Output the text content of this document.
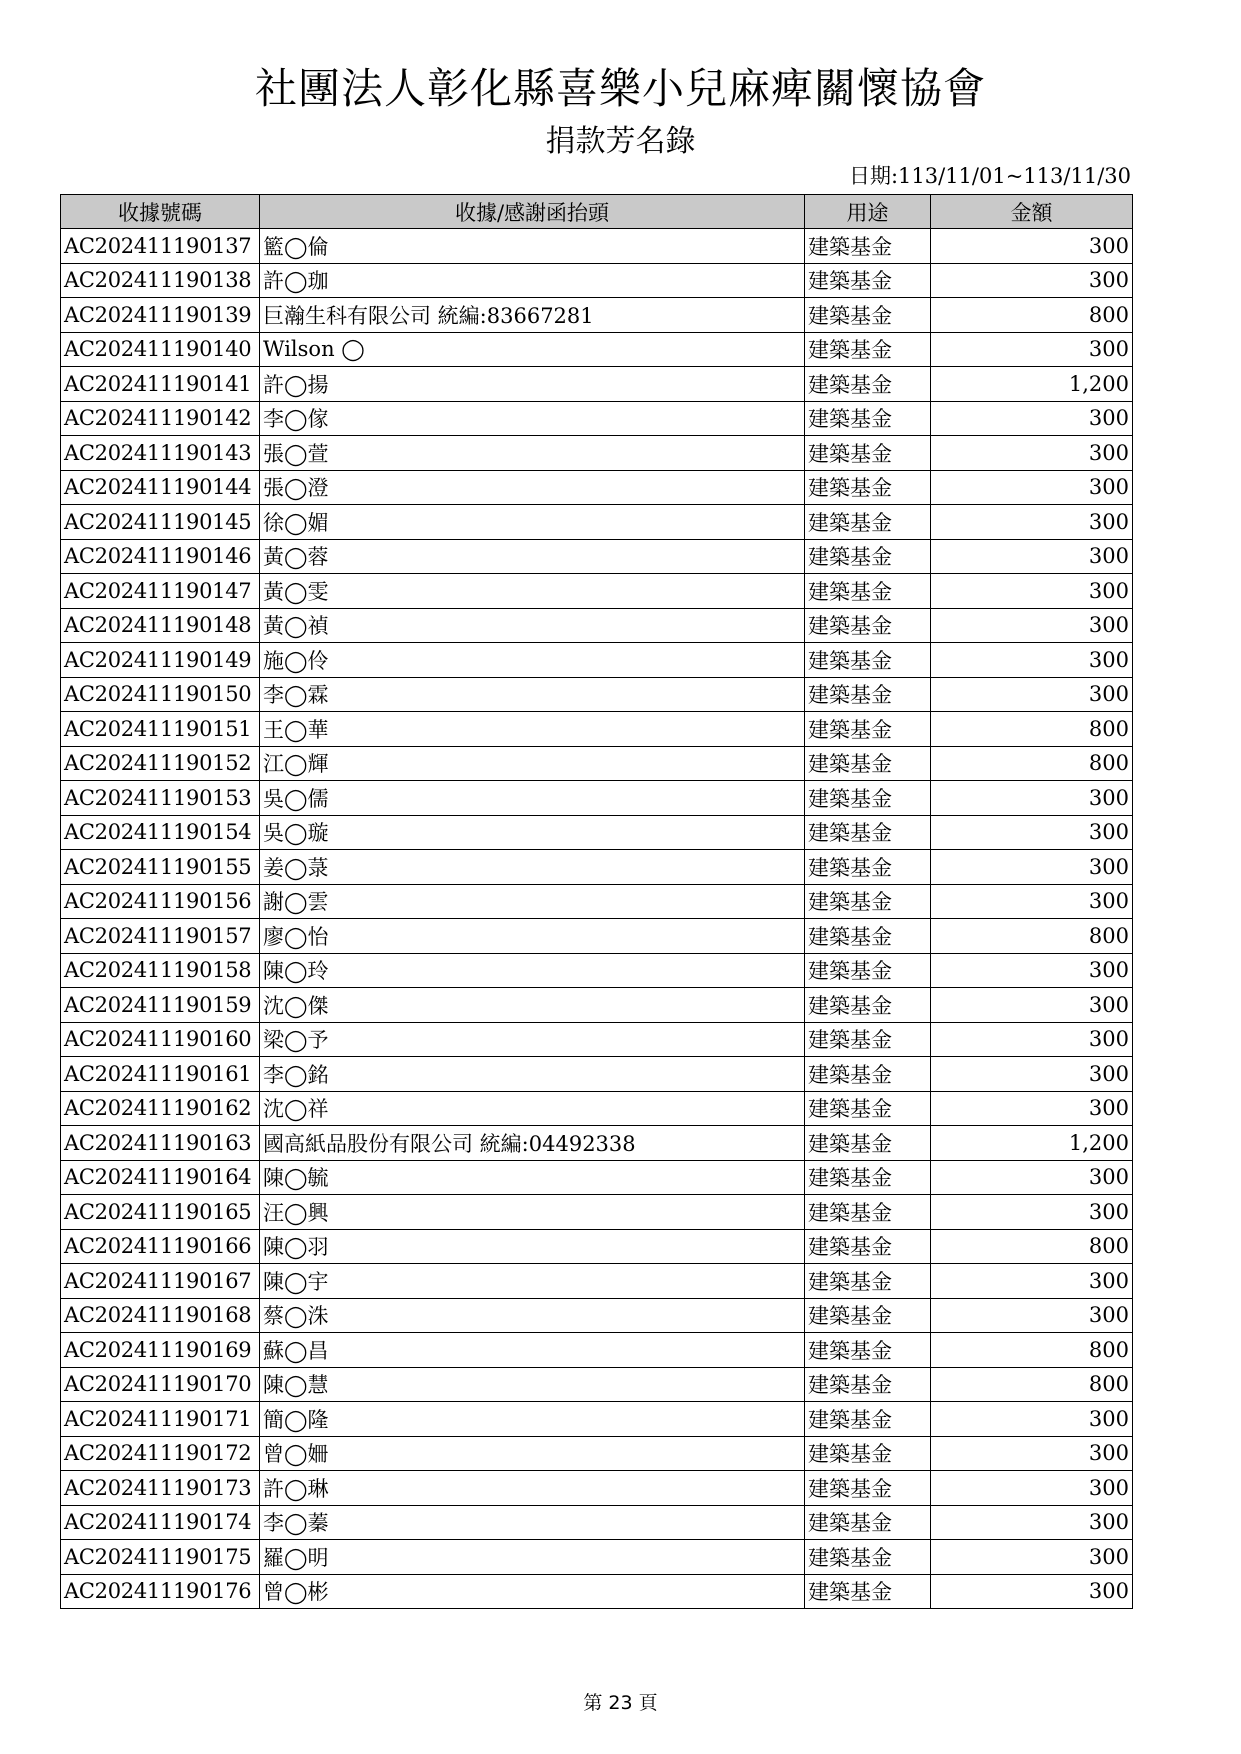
社團法人彰化縣喜樂小兒麻痺關懷協會
捐款芳名錄
日期:113/11/01~113/11/30
收據號碼	收據/感謝函抬頭	用途	金額
AC202411190137	籃◯倫	建築基金	300
AC202411190138	許◯珈	建築基金	300
AC202411190139	巨瀚生科有限公司 統編:83667281	建築基金	800
AC202411190140	Wilson ◯	建築基金	300
AC202411190141	許◯揚	建築基金	1,200
AC202411190142	李◯傢	建築基金	300
AC202411190143	張◯萱	建築基金	300
AC202411190144	張◯澄	建築基金	300
AC202411190145	徐◯媚	建築基金	300
AC202411190146	黃◯蓉	建築基金	300
AC202411190147	黃◯雯	建築基金	300
AC202411190148	黃◯禎	建築基金	300
AC202411190149	施◯伶	建築基金	300
AC202411190150	李◯霖	建築基金	300
AC202411190151	王◯華	建築基金	800
AC202411190152	江◯輝	建築基金	800
AC202411190153	吳◯儒	建築基金	300
AC202411190154	吳◯璇	建築基金	300
AC202411190155	姜◯菉	建築基金	300
AC202411190156	謝◯雲	建築基金	300
AC202411190157	廖◯怡	建築基金	800
AC202411190158	陳◯玲	建築基金	300
AC202411190159	沈◯傑	建築基金	300
AC202411190160	梁◯予	建築基金	300
AC202411190161	李◯銘	建築基金	300
AC202411190162	沈◯祥	建築基金	300
AC202411190163	國高紙品股份有限公司 統編:04492338	建築基金	1,200
AC202411190164	陳◯毓	建築基金	300
AC202411190165	汪◯興	建築基金	300
AC202411190166	陳◯羽	建築基金	800
AC202411190167	陳◯宇	建築基金	300
AC202411190168	蔡◯洙	建築基金	300
AC202411190169	蘇◯昌	建築基金	800
AC202411190170	陳◯慧	建築基金	800
AC202411190171	簡◯隆	建築基金	300
AC202411190172	曾◯姍	建築基金	300
AC202411190173	許◯琳	建築基金	300
AC202411190174	李◯蓁	建築基金	300
AC202411190175	羅◯明	建築基金	300
AC202411190176	曾◯彬	建築基金	300
第 23 頁
